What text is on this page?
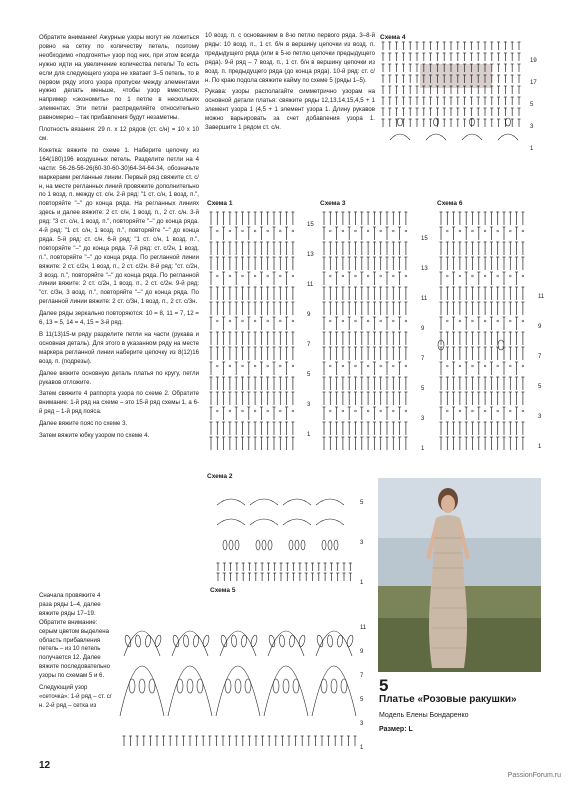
Обратите внимание! Ажурные узоры могут не ложиться ровно на сетку по количеству петель, поэтому необходимо «подгонять» узор под них, при этом всегда нужно идти на увеличение количества петель! То есть если для следующего узора не хватает 3–5 петель, то в первом ряду этого узора пропуски между элементами нужно делать меньше, чтобы узор вместился, например «экономить» по 1 петле в нескольких элементах. Эти петли распределяйте относительно равномерно – так прибавления будут незаметны.

Плотность вязания: 29 п. х 12 рядов (ст. с/н) = 10 х 10 см.

Кокетка: вяжите по схеме 1. Наберите цепочку из 164(180)196 воздушных петель. Разделите петли на 4 части: 56-26-56-26(60-30-60-30)64-34-64-34, обозначьте маркерами регланные линии. Первый ряд свяжите ст. с/н, на месте регланных линий провяжите дополнительно по 1 возд. п. между ст. с/н. 2-й ряд: "1 ст. с/н, 1 возд. п.", повторяйте "–" до конца ряда. На регланных линиях здесь и далее вяжите: 2 ст. с/н, 1 возд. п., 2 ст. с/н. 3-й ряд: "3 ст. с/н, 1 возд. п.", повторяйте "–" до конца ряда. 4-й ряд: "1 ст. с/н, 1 возд. п.", повторяйте "–" до конца ряда. 5-й ряд: ст. с/н. 6-й ряд: "1 ст. с/н, 1 возд. п.", повторяйте "–" до конца ряда. 7-й ряд: ст. с/2н, 1 возд. п.", повторяйте "–" до конца ряда. По регланной линии вяжите: 2 ст. с/2н, 1 возд. п., 2 ст. с/2н. 8-й ряд: "ст. с/2н, 3 возд. п.", повторяйте "–" до конца ряда. По регланной линии вяжите: 2 ст. с/2н, 1 возд. п., 2 ст. с/2н. 9-й ряд: "ст. с/3н, 3 возд. п.", повторяйте "–" до конца ряда. По регланной линии вяжите: 2 ст. с/3н, 1 возд. п., 2 ст. с/3н.

Далее ряды зеркально повторяются: 10 = 8, 11 = 7, 12 = 6, 13 = 5, 14 = 4, 15 = 3-й ряд.

В 11(13)15-м ряду разделите петли на части (рукава и основная деталь). Для этого в указанном ряду на месте маркера регланной линии наберите цепочку из 8(12)16 возд. п. (подрезы).

Далее вяжите основную деталь платья по кругу, петли рукавов отложите.

Затем свяжите 4 раппорта узора по схеме 2. Обратите внимание: 1-й ряд на схеме – это 15-й ряд схемы 1, а 6-й ряд – 1-й ряд пояса.

Далее вяжите пояс по схеме 3.

Затем вяжите юбку узором по схеме 4.

Сначала провяжите 4 раза ряды 1–4, далее вяжите ряды 17–19. Обратите внимание: серым цветом выделена область прибавления петель – из 10 петель получается 12. Далее вяжите последовательно узоры по схемам 5 и 6.

Следующий узор «сеточка»: 1-й ряд – ст. с/н. 2-й ряд – сетка из

10 возд. п. с основанием в 8-ю петлю первого ряда. 3–8-й ряды: 10 возд. п., 1 ст. б/н в вершину цепочки из возд. п. предыдущего ряда (или в 5-ю петлю цепочки предыдущего ряда). 9-й ряд – 7 возд. п., 1 ст. б/н в вершину цепочки из возд. п. предыдущего ряда (до конца ряда). 10-й ряд: ст. с/н. По краю подола свяжите кайму по схеме 5 (ряды 1–5).

Рукава: узоры располагайте симметрично узорам на основной детали платья: свяжите ряды 12,13,14,15,4,5 + 1 элемент узора 1 (4,5 + 1 элемент узора 1. Длину рукавов можно варьировать за счет добавления узора 1. Завершите 1 рядом ст. с/н.

Схема 4
Схема 1	Схема 3	Схема 6
Схема 2
Схема 5
19
17
5
3
1
15
13
11
9
7
5
3
1
15
13
11
9
7
5
3
1
11
9
7
5
3
1
5
3
1
11
9
7
5
3
1
5
Платье «Розовые ракушки»
Модель Елены Бондаренко
Размер: L
12
PassionForum.ru
